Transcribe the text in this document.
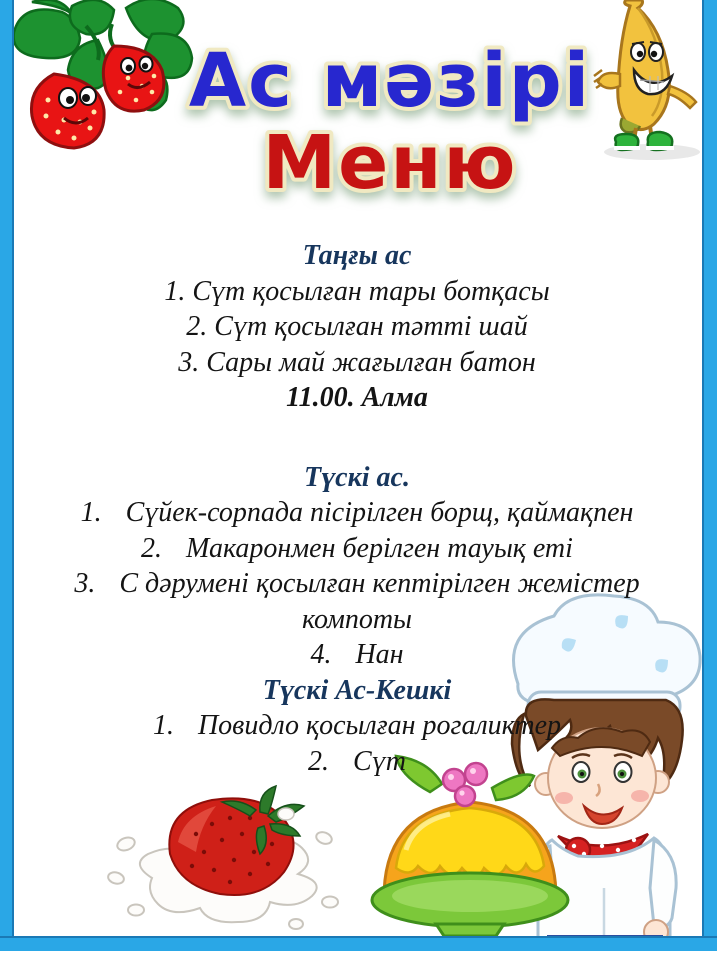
Ас мәзірі
Меню
Таңғы ас
1. Сүт қосылған тары ботқасы
2. Сүт қосылған тәтті шай
3. Сары май жағылған батон
11.00. Алма
Түскі ас.
1. Сүйек-сорпада пісірілген борщ, қаймақпен
2. Макаронмен берілген тауық еті
3. С дәрумені қосылған кептірілген жемістер компоты
4. Нан
Түскі Ас-Кешкі
1. Повидло қосылған рогаликтер
2. Сүт
